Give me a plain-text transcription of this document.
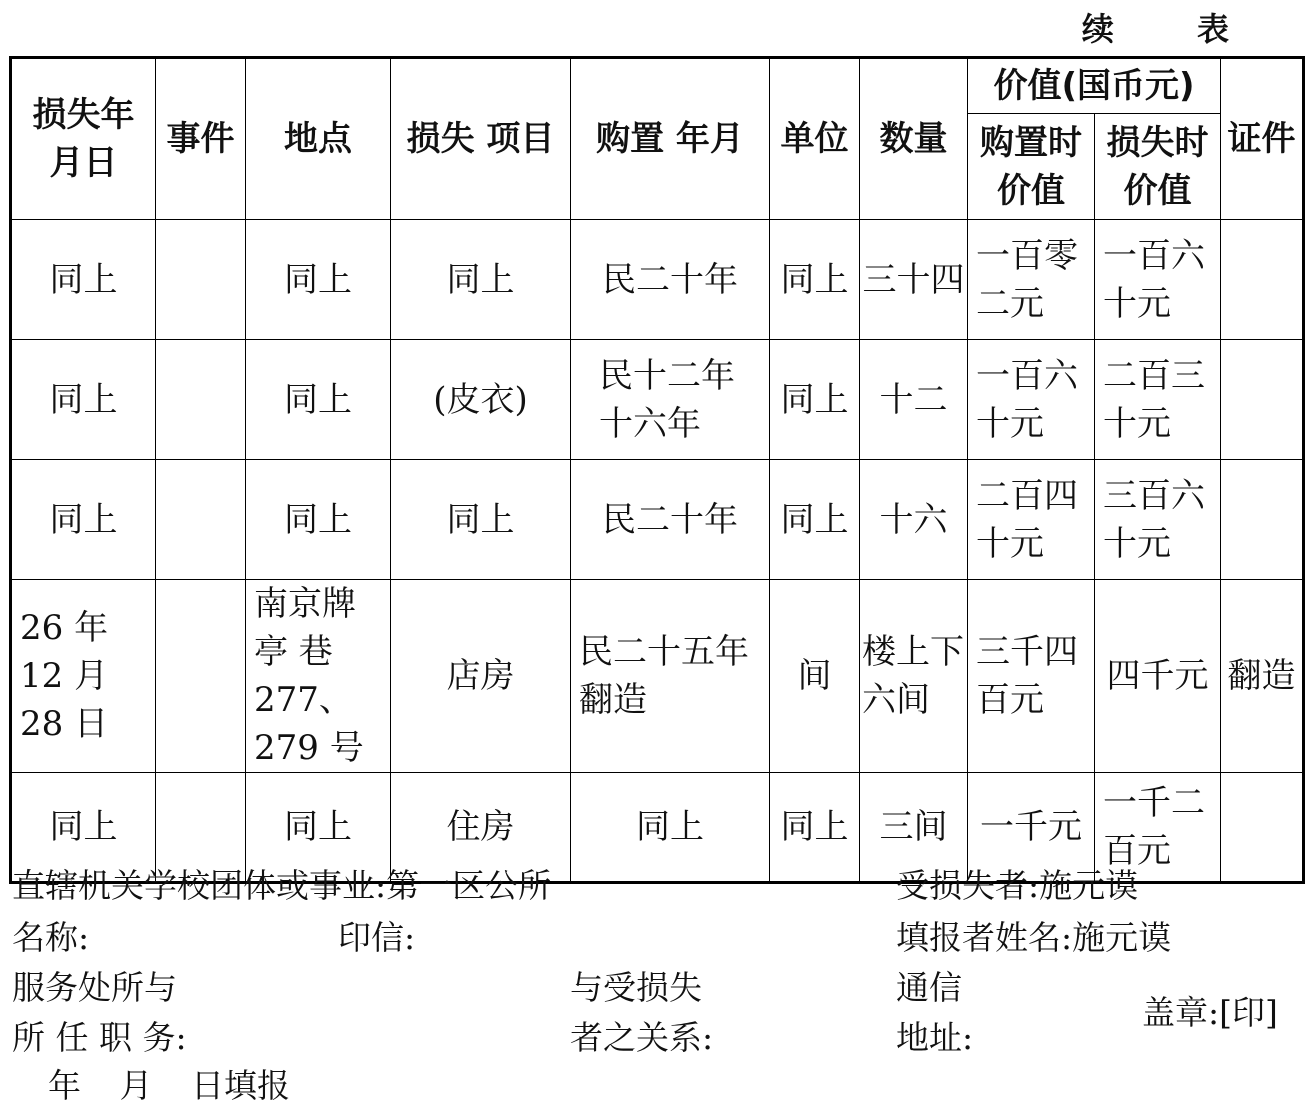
续 表
损失年 月日	事件	地点	损失 项目	购置 年月	单位	数量	价值(国币元)		证件
							购置时 价值	损失时 价值	
同上		同上	同上	民二十年	同上	三十四	一百零 二元	一百六 十元	
同上		同上	(皮衣)	民十二年 十六年	同上	十二	一百六 十元	二百三 十元	
同上		同上	同上	民二十年	同上	十六	二百四 十元	三百六 十元	
26 年 12 月 28 日		南京牌亭 巷 277、 279 号	店房	民二十五年 翻造	间	楼上下 六间	三千四 百元	四千元	翻造
同上		同上	住房	同上	同上	三间	一千元	一千二 百元	
直辖机关学校团体或事业:第一区公所
名称:	印信:
服务处所与
所 任 职 务:
与受损失
者之关系:
受损失者:施元谟
填报者姓名:施元谟
通信
地址:
盖章:[印]
年 月 日填报
